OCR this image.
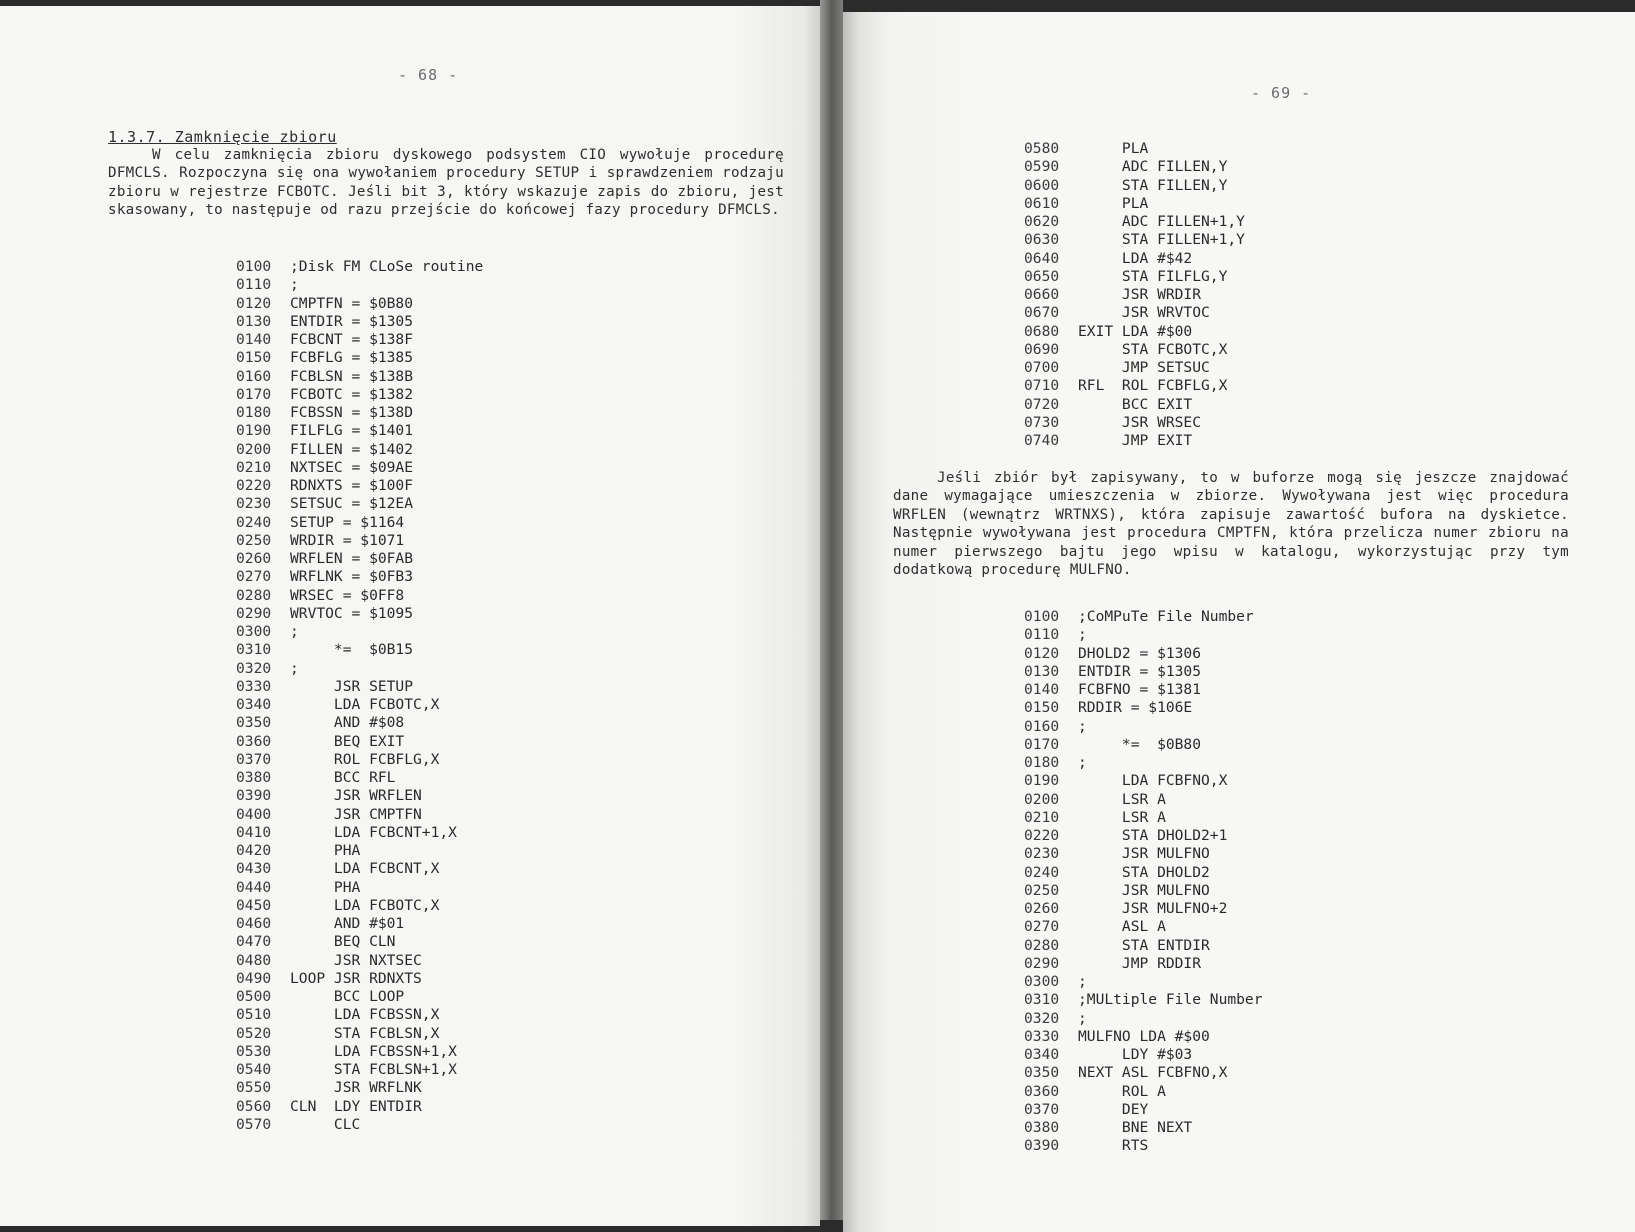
- 68 -
1.3.7. Zamknięcie zbioru

W celu zamknięcia zbioru dyskowego podsystem CIO wywołuje procedurę DFMCLS. Rozpoczyna się ona wywołaniem procedury SETUP i sprawdzeniem rodzaju zbioru w rejestrze FCBOTC. Jeśli bit 3, który wskazuje zapis do zbioru, jest skasowany, to następuje od razu przejście do końcowej fazy procedury DFMCLS.

0100 ;Disk FM CLoSe routine
0110 ;
0120 CMPTFN = $0B80
0130 ENTDIR = $1305
0140 FCBCNT = $138F
0150 FCBFLG = $1385
0160 FCBLSN = $138B
0170 FCBOTC = $1382
0180 FCBSSN = $138D
0190 FILFLG = $1401
0200 FILLEN = $1402
0210 NXTSEC = $09AE
0220 RDNXTS = $100F
0230 SETSUC = $12EA
0240 SETUP = $1164
0250 WRDIR = $1071
0260 WRFLEN = $0FAB
0270 WRFLNK = $0FB3
0280 WRSEC = $0FF8
0290 WRVTOC = $1095
0300 ;
0310     *=  $0B15
0320 ;
0330     JSR SETUP
0340     LDA FCBOTC,X
0350     AND #$08
0360     BEQ EXIT
0370     ROL FCBFLG,X
0380     BCC RFL
0390     JSR WRFLEN
0400     JSR CMPTFN
0410     LDA FCBCNT+1,X
0420     PHA
0430     LDA FCBCNT,X
0440     PHA
0450     LDA FCBOTC,X
0460     AND #$01
0470     BEQ CLN
0480     JSR NXTSEC
0490 LOOP JSR RDNXTS
0500     BCC LOOP
0510     LDA FCBSSN,X
0520     STA FCBLSN,X
0530     LDA FCBSSN+1,X
0540     STA FCBLSN+1,X
0550     JSR WRFLNK
0560 CLN  LDY ENTDIR
0570     CLC
- 69 -
0580     PLA
0590     ADC FILLEN,Y
0600     STA FILLEN,Y
0610     PLA
0620     ADC FILLEN+1,Y
0630     STA FILLEN+1,Y
0640     LDA #$42
0650     STA FILFLG,Y
0660     JSR WRDIR
0670     JSR WRVTOC
0680 EXIT LDA #$00
0690     STA FCBOTC,X
0700     JMP SETSUC
0710 RFL  ROL FCBFLG,X
0720     BCC EXIT
0730     JSR WRSEC
0740     JMP EXIT

Jeśli zbiór był zapisywany, to w buforze mogą się jeszcze znajdować dane wymagające umieszczenia w zbiorze. Wywoływana jest więc procedura WRFLEN (wewnątrz WRTNXS), która zapisuje zawartość bufora na dyskietce. Następnie wywoływana jest procedura CMPTFN, która przelicza numer zbioru na numer pierwszego bajtu jego wpisu w katalogu, wykorzystując przy tym dodatkową procedurę MULFNO.

0100 ;CoMPuTe File Number
0110 ;
0120 DHOLD2 = $1306
0130 ENTDIR = $1305
0140 FCBFNO = $1381
0150 RDDIR = $106E
0160 ;
0170     *=  $0B80
0180 ;
0190     LDA FCBFNO,X
0200     LSR A
0210     LSR A
0220     STA DHOLD2+1
0230     JSR MULFNO
0240     STA DHOLD2
0250     JSR MULFNO
0260     JSR MULFNO+2
0270     ASL A
0280     STA ENTDIR
0290     JMP RDDIR
0300 ;
0310 ;MULtiple File Number
0320 ;
0330 MULFNO LDA #$00
0340     LDY #$03
0350 NEXT ASL FCBFNO,X
0360     ROL A
0370     DEY
0380     BNE NEXT
0390     RTS
